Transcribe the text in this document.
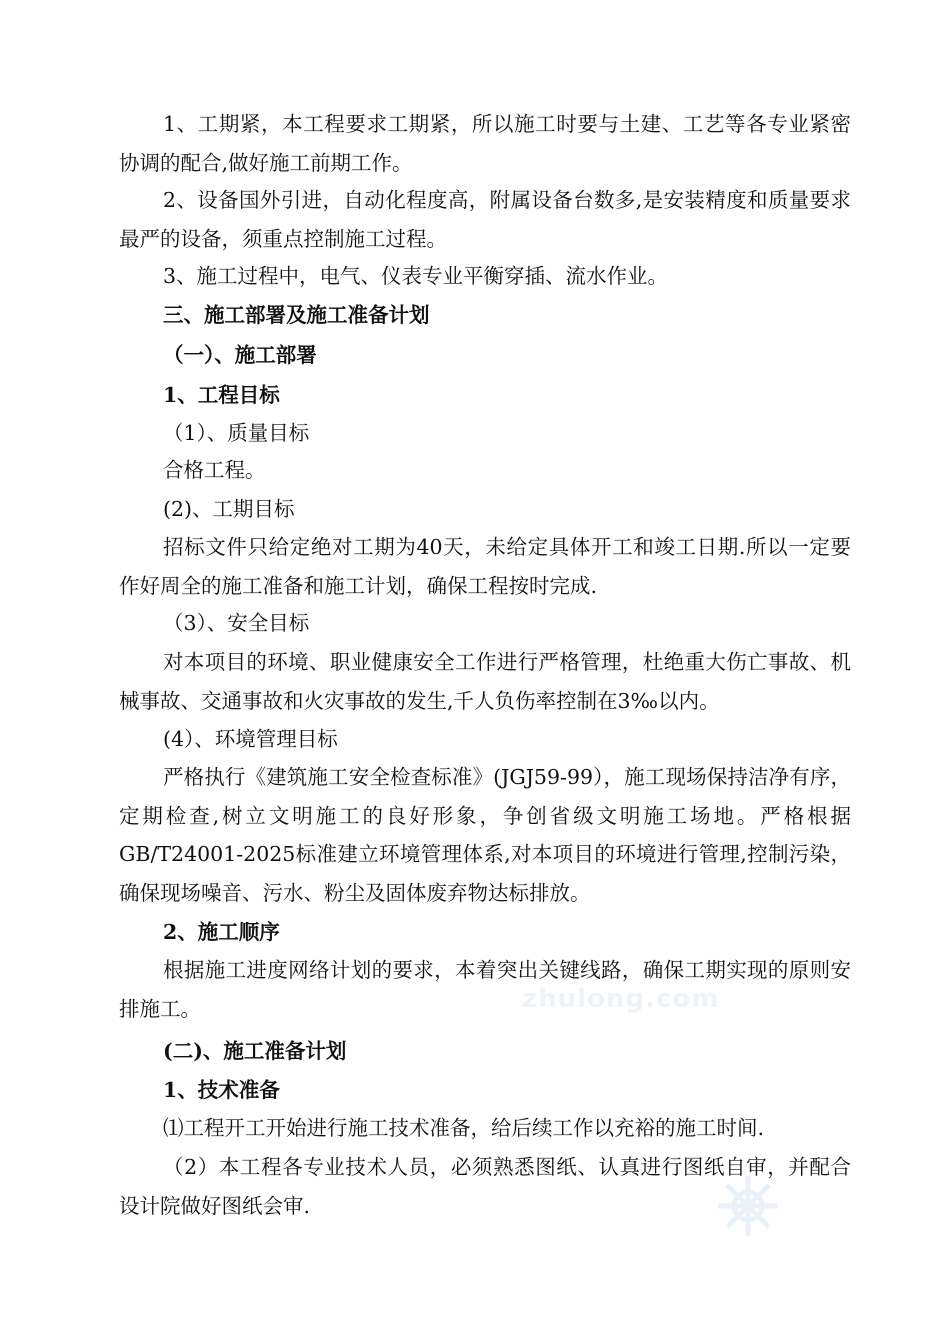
1、工期紧，本工程要求工期紧，所以施工时要与土建、工艺等各专业紧密协调的配合,做好施工前期工作。

2、设备国外引进，自动化程度高，附属设备台数多,是安装精度和质量要求最严的设备，须重点控制施工过程。

3、施工过程中，电气、仪表专业平衡穿插、流水作业。

三、施工部署及施工准备计划

（一）、施工部署

1、工程目标

（1）、质量目标

合格工程。

(2)、工期目标

招标文件只给定绝对工期为40天，未给定具体开工和竣工日期.所以一定要作好周全的施工准备和施工计划，确保工程按时完成.

（3）、安全目标

对本项目的环境、职业健康安全工作进行严格管理，杜绝重大伤亡事故、机械事故、交通事故和火灾事故的发生,千人负伤率控制在3‰以内。

(4）、环境管理目标

严格执行《建筑施工安全检查标准》(JGJ59-99），施工现场保持洁净有序，定期检查,树立文明施工的良好形象，争创省级文明施工场地。严格根据GB/T24001-2025标准建立环境管理体系,对本项目的环境进行管理,控制污染，确保现场噪音、污水、粉尘及固体废弃物达标排放。

2、施工顺序

根据施工进度网络计划的要求，本着突出关键线路，确保工期实现的原则安排施工。

(二)、施工准备计划

1、技术准备

⑴工程开工开始进行施工技术准备，给后续工作以充裕的施工时间.

（2）本工程各专业技术人员，必须熟悉图纸、认真进行图纸自审，并配合设计院做好图纸会审.

zhulong.com
